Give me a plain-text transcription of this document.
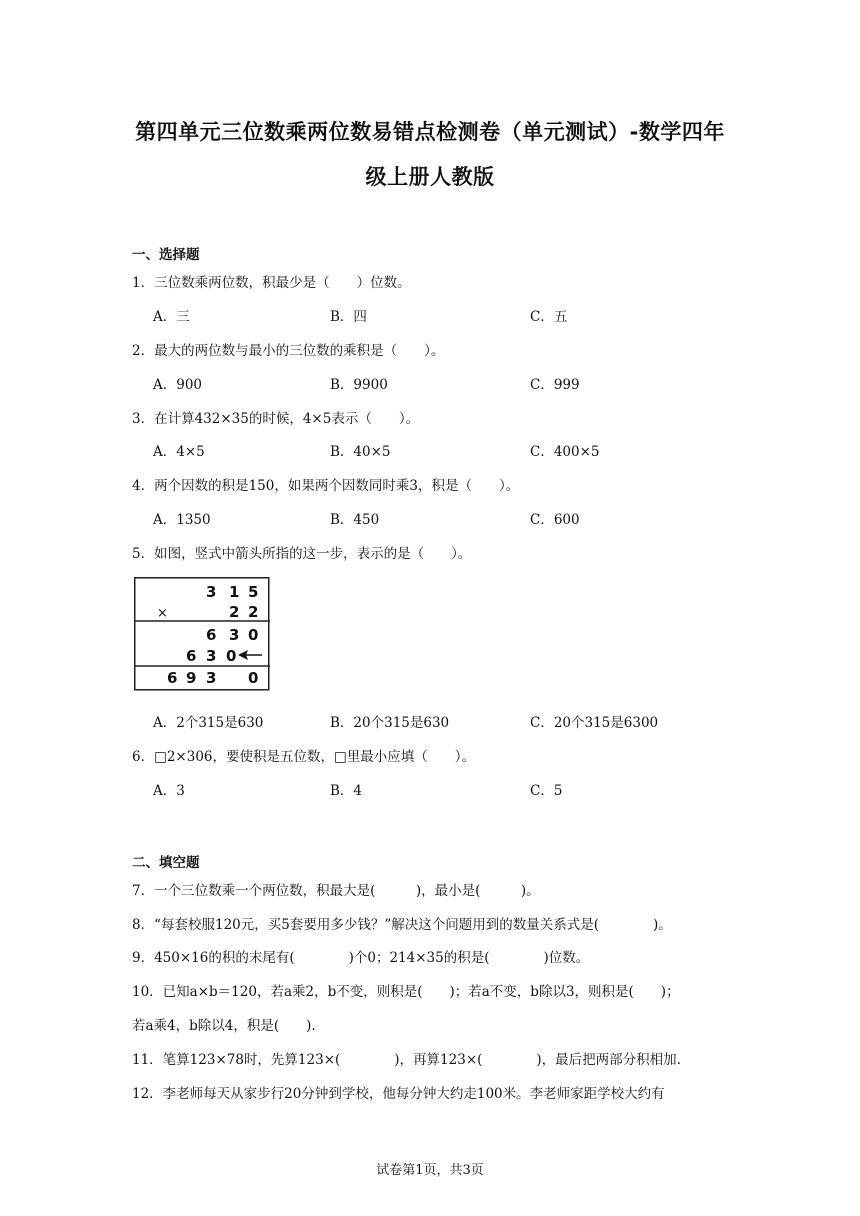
第四单元三位数乘两位数易错点检测卷（单元测试）-数学四年
级上册人教版
一、选择题
1．三位数乘两位数，积最少是（　　）位数。
A．三	B．四	C．五
2．最大的两位数与最小的三位数的乘积是（　　）。
A．900	B．9900	C．999
3．在计算432×35的时候，4×5表示（　　）。
A．4×5	B．40×5	C．400×5
4．两个因数的积是150，如果两个因数同时乘3，积是（　　）。
A．1350	B．450	C．600
5．如图，竖式中箭头所指的这一步，表示的是（　　）。
3 1 5
×	2 2
6 3 0
6 3 0
6 9 3 0
A．2个315是630	B．20个315是630	C．20个315是6300
6．□2×306，要使积是五位数，□里最小应填（　　）。
A．3	B．4	C．5
二、填空题
7．一个三位数乘一个两位数，积最大是(　　　)，最小是(　　　)。
8．“每套校服120元，买5套要用多少钱？”解决这个问题用到的数量关系式是(　　　　)。
9．450×16的积的末尾有(　　　　)个0；214×35的积是(　　　　)位数。
10．已知a×b＝120，若a乘2，b不变，则积是(　　)；若a不变，b除以3，则积是(　　)；
若a乘4，b除以4，积是(　　).
11．笔算123×78时，先算123×(　　　　)，再算123×(　　　　)，最后把两部分积相加.
12．李老师每天从家步行20分钟到学校，他每分钟大约走100米。李老师家距学校大约有
试卷第1页，共3页
